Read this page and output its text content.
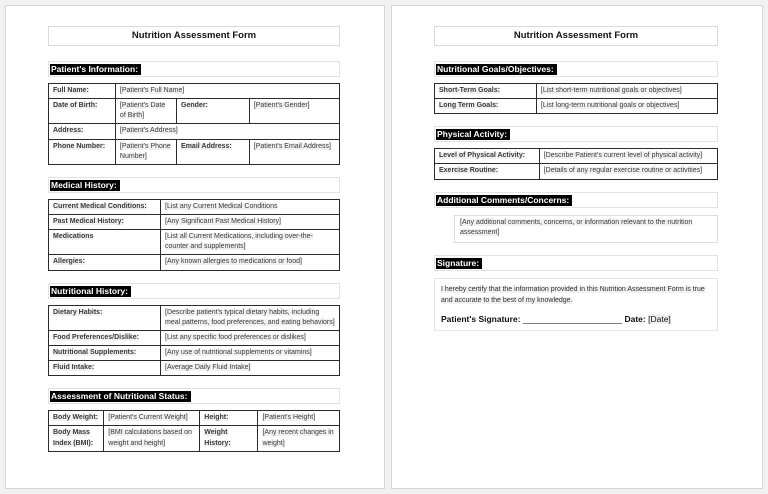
Nutrition Assessment Form
Patient's Information:
Full Name:	[Patient's Full Name]		
Date of Birth:	[Patient's Date of Birth]	Gender:	[Patient's Gender]
Address:	[Patient's Address]		
Phone Number:	[Patient's Phone Number]	Email Address:	[Patient's Email Address]
Medical History:
Current Medical Conditions:	[List any Current Medical Conditions
Past Medical History:	[Any Significant Past Medical History]
Medications	[List all Current Medications, including over-the-counter and supplements]
Allergies:	[Any known allergies to medications or food]
Nutritional History:
Dietary Habits:	[Describe patient's typical dietary habits, including meal patterns, food preferences, and eating behaviors]
Food Preferences/Dislike:	[List any specific food preferences or dislikes]
Nutritional Supplements:	[Any use of nutritional supplements or vitamins]
Fluid Intake:	[Average Daily Fluid Intake]
Assessment of Nutritional Status:
Body Weight:	[Patient's Current Weight]	Height:	[Patient's Height]
Body Mass Index (BMI):	[BMI calculations based on weight and height]	Weight History:	[Any recent changes in weight]
Nutrition Assessment Form
Nutritional Goals/Objectives:
Short-Term Goals:	[List short-term nutritional goals or objectives]
Long Term Goals:	[List long-term nutritional goals or objectives]
Physical Activity:
Level of Physical Activity:	[Describe Patient's current level of physical activity]
Exercise Routine:	[Details of any regular exercise routine or activities]
Additional Comments/Concerns:
[Any additional comments, concerns, or information relevant to the nutrition assessment]
Signature:

I hereby certify that the information provided in this Nutrition Assessment Form is true and accurate to the best of my knowledge.

Patient's Signature: _____________________ Date: [Date]
